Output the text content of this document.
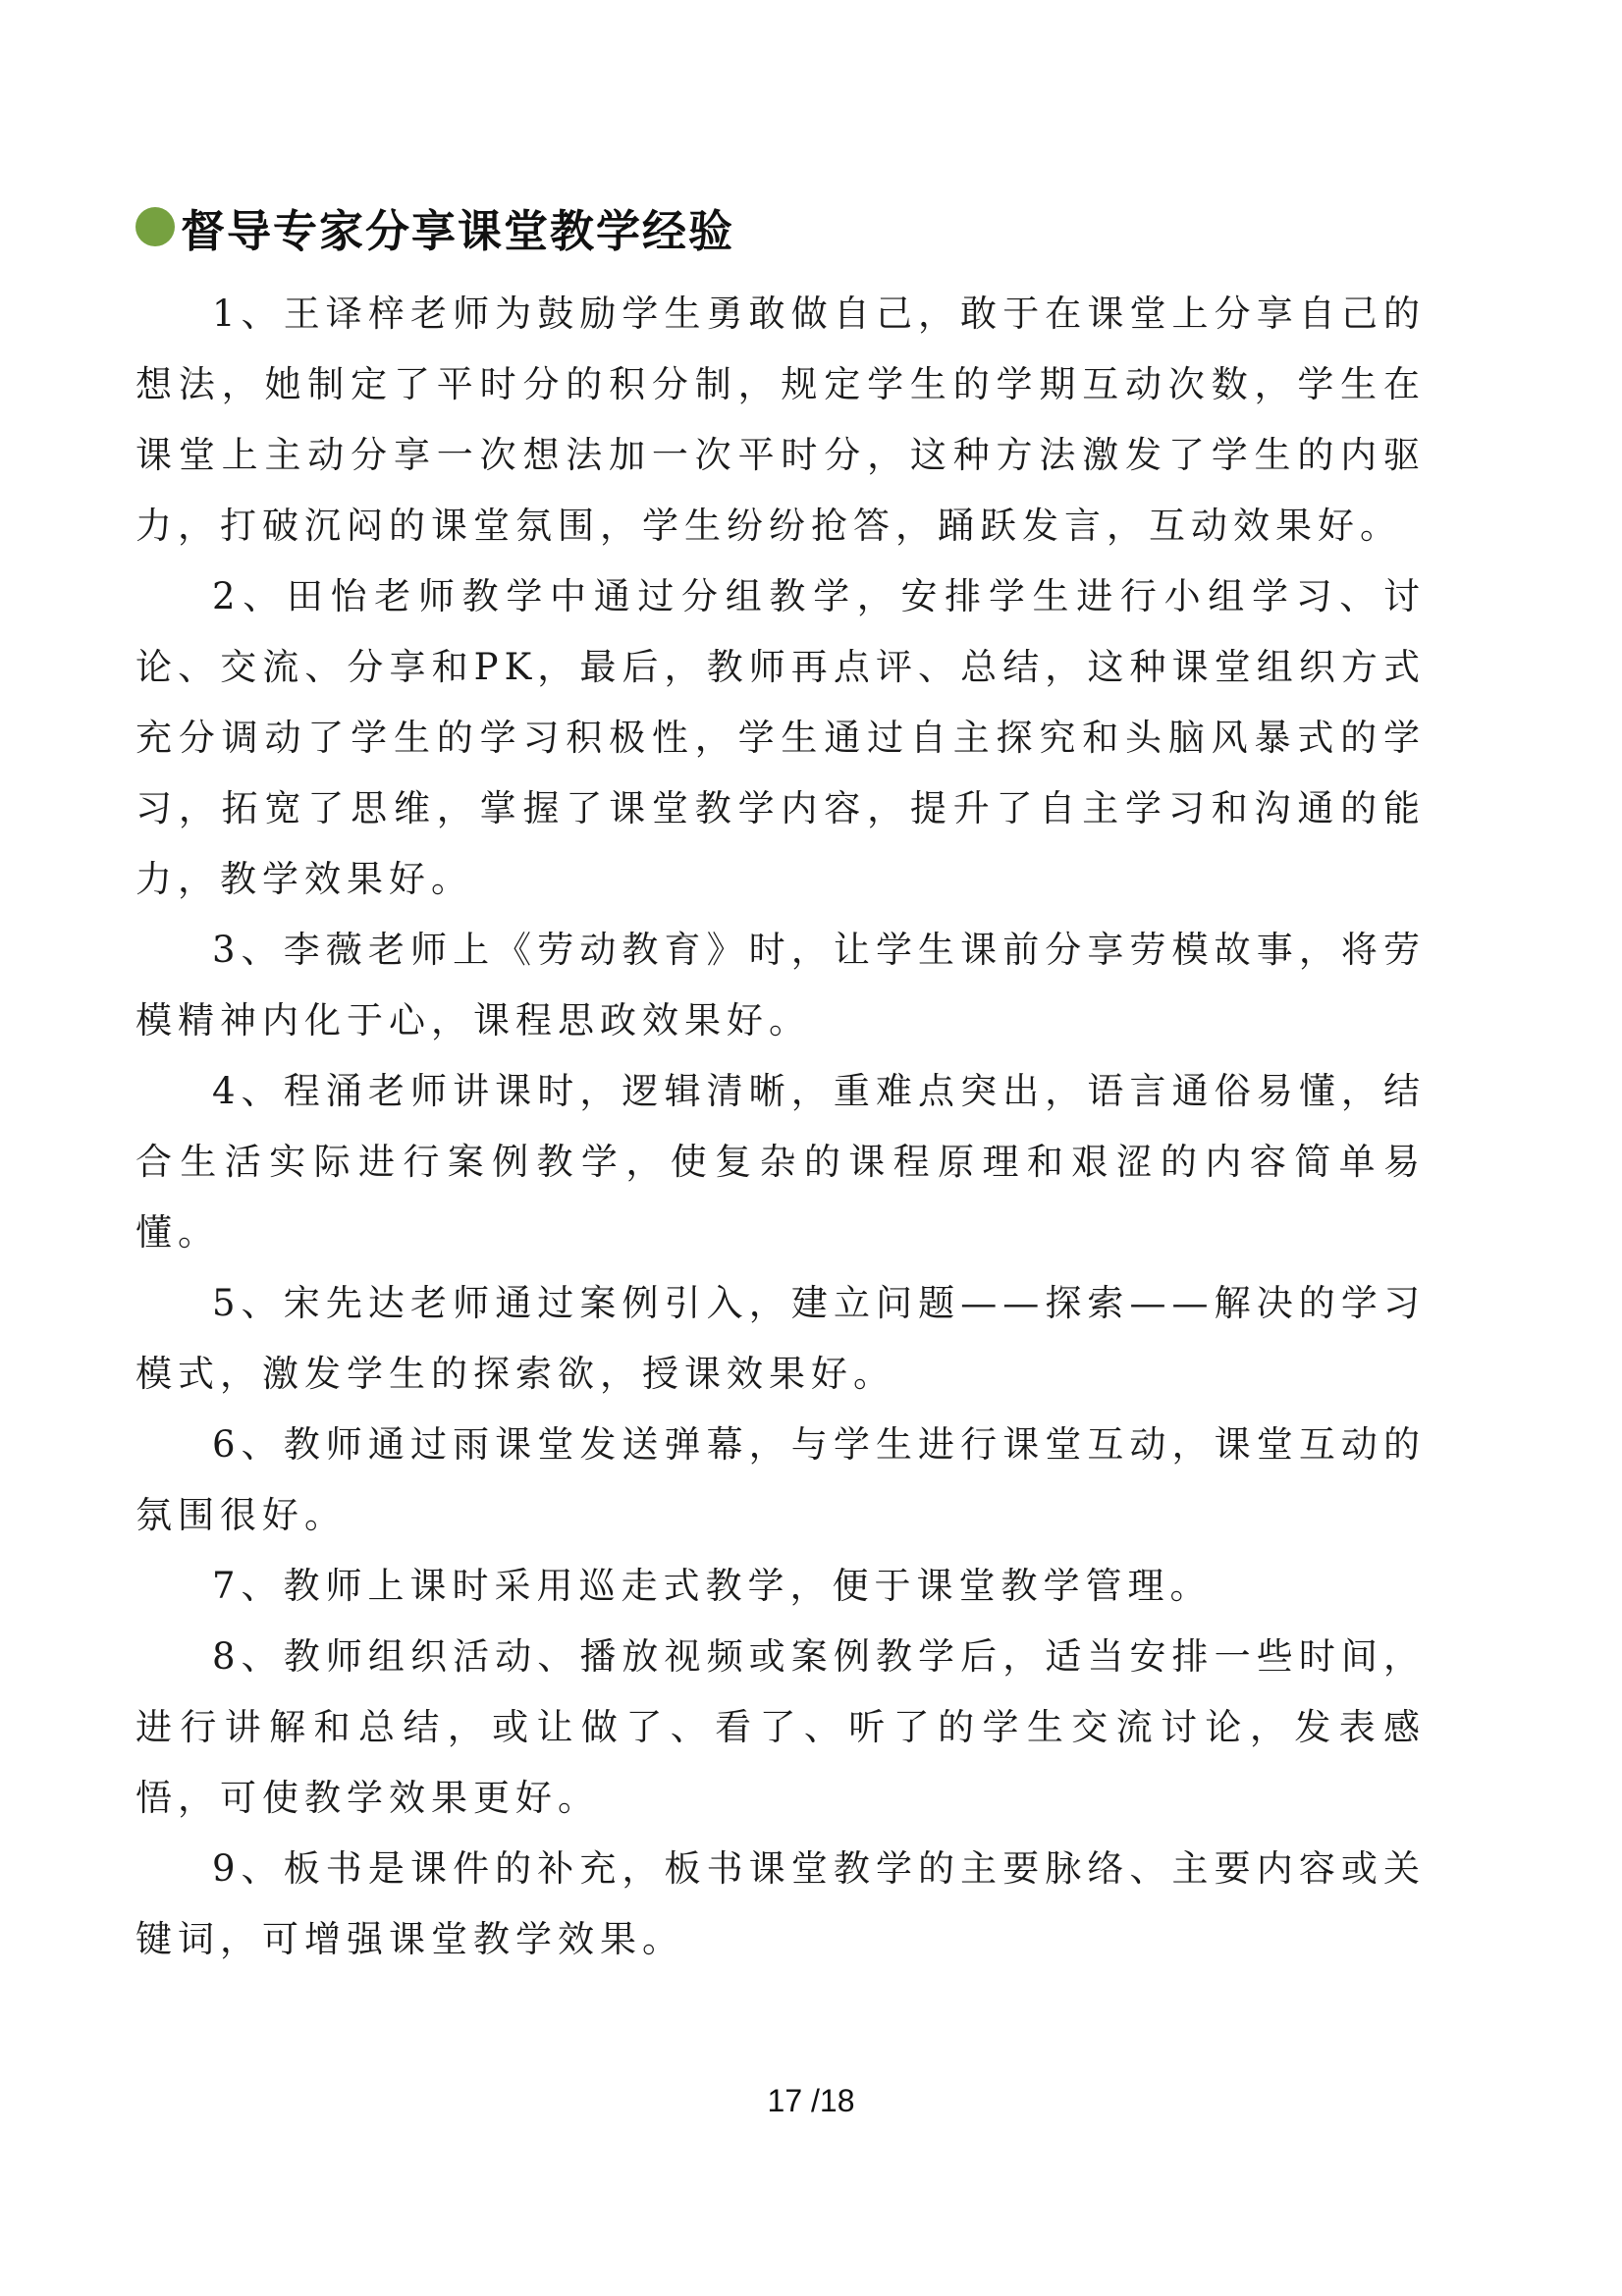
督导专家分享课堂教学经验

1、王译梓老师为鼓励学生勇敢做自己，敢于在课堂上分享自己的想法，她制定了平时分的积分制，规定学生的学期互动次数，学生在课堂上主动分享一次想法加一次平时分，这种方法激发了学生的内驱力，打破沉闷的课堂氛围，学生纷纷抢答，踊跃发言，互动效果好。

2、田怡老师教学中通过分组教学，安排学生进行小组学习、讨论、交流、分享和PK，最后，教师再点评、总结，这种课堂组织方式充分调动了学生的学习积极性，学生通过自主探究和头脑风暴式的学习，拓宽了思维，掌握了课堂教学内容，提升了自主学习和沟通的能力，教学效果好。

3、李薇老师上《劳动教育》时，让学生课前分享劳模故事，将劳模精神内化于心，课程思政效果好。

4、程涌老师讲课时，逻辑清晰，重难点突出，语言通俗易懂，结合生活实际进行案例教学，使复杂的课程原理和艰涩的内容简单易懂。

5、宋先达老师通过案例引入，建立问题——探索——解决的学习模式，激发学生的探索欲，授课效果好。

6、教师通过雨课堂发送弹幕，与学生进行课堂互动，课堂互动的氛围很好。

7、教师上课时采用巡走式教学，便于课堂教学管理。

8、教师组织活动、播放视频或案例教学后，适当安排一些时间，进行讲解和总结，或让做了、看了、听了的学生交流讨论，发表感悟，可使教学效果更好。

9、板书是课件的补充，板书课堂教学的主要脉络、主要内容或关键词，可增强课堂教学效果。

17 /18
